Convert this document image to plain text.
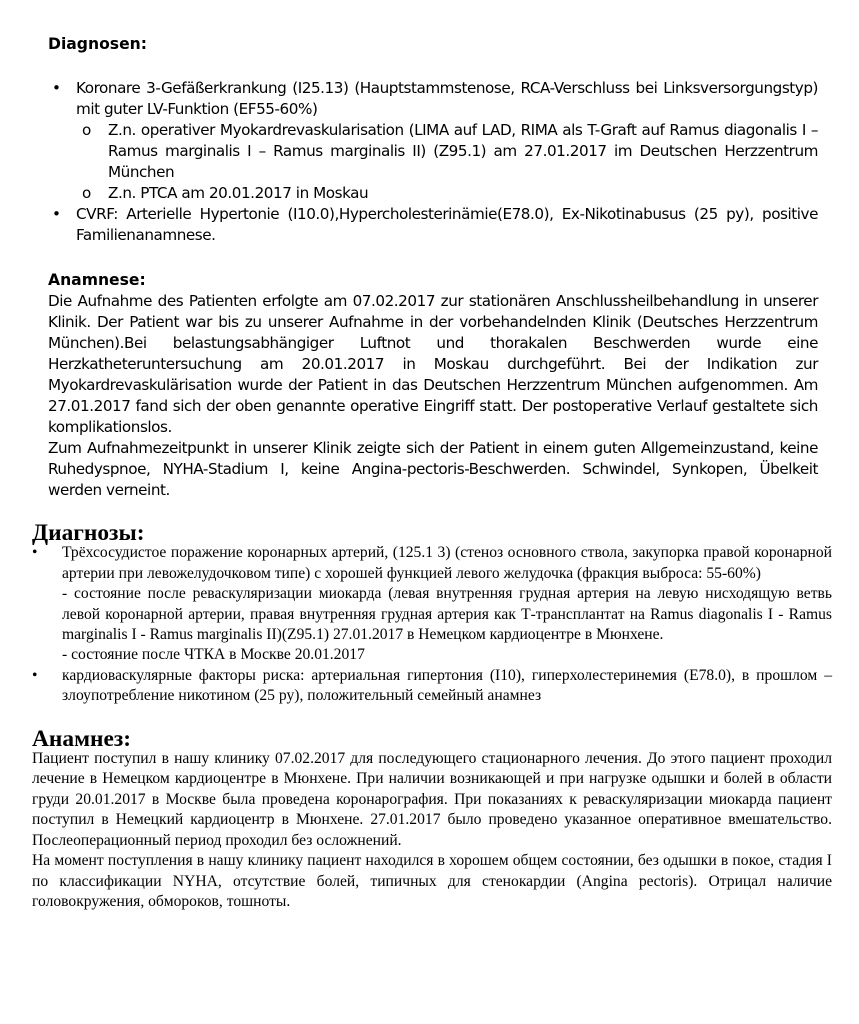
Diagnosen:
• Koronare 3-Gefäßerkrankung (I25.13) (Hauptstammstenose, RCA-Verschluss bei Linksversorgungstyp) mit guter LV-Funktion (EF55-60%)
o Z.n. operativer Myokardrevaskularisation (LIMA auf LAD, RIMA als T-Graft auf Ramus diagonalis I – Ramus marginalis I – Ramus marginalis II) (Z95.1) am 27.01.2017 im Deutschen Herzzentrum München
o Z.n. PTCA am 20.01.2017 in Moskau
• CVRF: Arterielle Hypertonie (I10.0),Hypercholesterinämie(E78.0), Ex-Nikotinabusus (25 py), positive Familienanamnese.
Anamnese:

Die Aufnahme des Patienten erfolgte am 07.02.2017 zur stationären Anschlussheilbehandlung in unserer Klinik. Der Patient war bis zu unserer Aufnahme in der vorbehandelnden Klinik (Deutsches Herzzentrum München).Bei belastungsabhängiger Luftnot und thorakalen Beschwerden wurde eine Herzkatheteruntersuchung am 20.01.2017 in Moskau durchgeführt. Bei der Indikation zur Myokardrevaskulärisation wurde der Patient in das Deutschen Herzzentrum München aufgenommen. Am 27.01.2017 fand sich der oben genannte operative Eingriff statt. Der postoperative Verlauf gestaltete sich komplikationslos.

Zum Aufnahmezeitpunkt in unserer Klinik zeigte sich der Patient in einem guten Allgemeinzustand, keine Ruhedyspnoe, NYHA-Stadium I, keine Angina-pectoris-Beschwerden. Schwindel, Synkopen, Übelkeit werden verneint.

Диагнозы:
• Трёхсосудистое поражение коронарных артерий, (125.1 3) (стеноз основного ствола, закупорка правой коронарной артерии при левожелудочковом типе) с хорошей функцией левого желудочка (фракция выброса: 55-60%)
- состояние после реваскуляризации миокарда (левая внутренняя грудная артерия на левую нисходящую ветвь левой коронарной артерии, правая внутренняя грудная артерия как Т-трансплантат на Ramus diagonalis I - Ramus marginalis I - Ramus marginalis II)(Z95.1) 27.01.2017 в Немецком кардиоцентре в Мюнхене.
- состояние после ЧТКА в Москве 20.01.2017
• кардиоваскулярные факторы риска: артериальная гипертония (I10), гиперхолестеринемия (E78.0), в прошлом – злоупотребление никотином (25 ру), положительный семейный анамнез
Анамнез:

Пациент поступил в нашу клинику 07.02.2017 для последующего стационарного лечения. До этого пациент проходил лечение в Немецком кардиоцентре в Мюнхене. При наличии возникающей и при нагрузке одышки и болей в области груди 20.01.2017 в Москве была проведена коронарография. При показаниях к реваскуляризации миокарда пациент поступил в Немецкий кардиоцентр в Мюнхене. 27.01.2017 было проведено указанное оперативное вмешательство. Послеоперационный период проходил без осложнений.

На момент поступления в нашу клинику пациент находился в хорошем общем состоянии, без одышки в покое, стадия I по классификации NYHA, отсутствие болей, типичных для стенокардии (Angina pectoris). Отрицал наличие головокружения, обмороков, тошноты.
